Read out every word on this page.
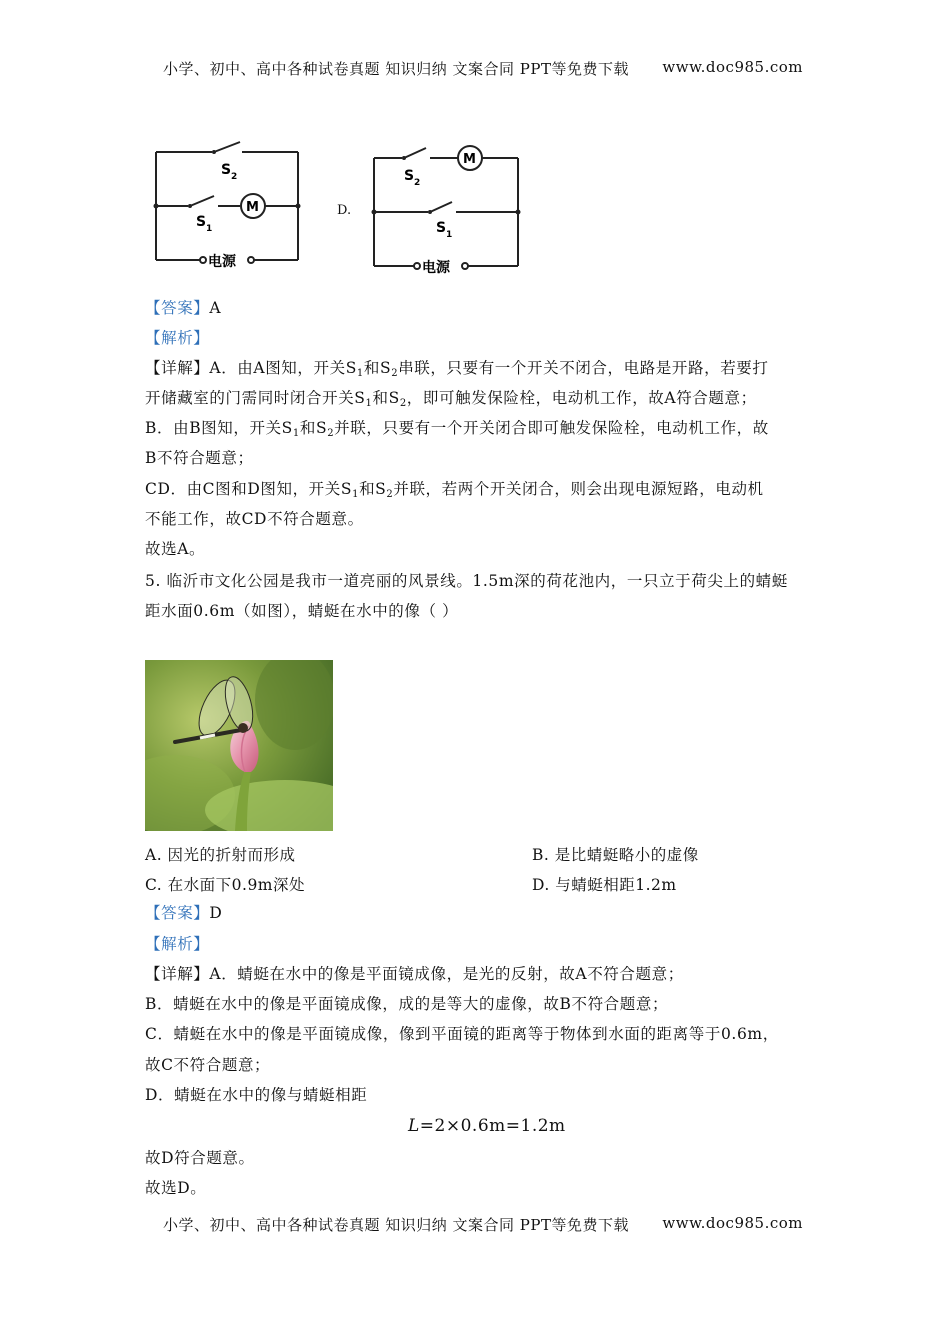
小学、初中、高中各种试卷真题 知识归纳 文案合同 PPT等免费下载 www.doc985.com
S 2
S 1
M
电源
D.
S 2
S 1
M
电源
【答案】A
【解析】
【详解】A．由A图知，开关$S_1$和$S_2$串联，只要有一个开关不闭合，电路是开路，若要打
开储藏室的门需同时闭合开关$S_1$和$S_2$，即可触发保险栓，电动机工作，故A符合题意；
B．由B图知，开关$S_1$和$S_2$并联，只要有一个开关闭合即可触发保险栓，电动机工作，故
B不符合题意；
CD．由C图和D图知，开关$S_1$和$S_2$并联，若两个开关闭合，则会出现电源短路，电动机
不能工作，故CD不符合题意。
故选A。
5. 临沂市文化公园是我市一道亮丽的风景线。1.5m深的荷花池内，一只立于荷尖上的蜻蜓
距水面0.6m（如图），蜻蜓在水中的像（ ）
A. 因光的折射而形成	B. 是比蜻蜓略小的虚像
C. 在水面下0.9m深处	D. 与蜻蜓相距1.2m
【答案】D
【解析】
【详解】A．蜻蜓在水中的像是平面镜成像，是光的反射，故A不符合题意；
B．蜻蜓在水中的像是平面镜成像，成的是等大的虚像，故B不符合题意；
C．蜻蜓在水中的像是平面镜成像，像到平面镜的距离等于物体到水面的距离等于0.6m，
故C不符合题意；
D．蜻蜓在水中的像与蜻蜓相距
L=2×0.6m=1.2m
故D符合题意。
故选D。
小学、初中、高中各种试卷真题 知识归纳 文案合同 PPT等免费下载 www.doc985.com
